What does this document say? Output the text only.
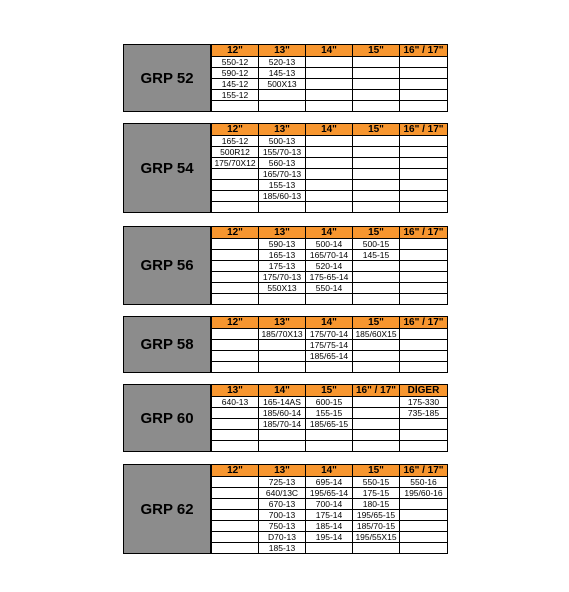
GRP 52
12"	13"	14"	15"	16" / 17"
550-12	520-13			
590-12	145-13			
145-12	500X13			
155-12				

GRP 54
12"	13"	14"	15"	16" / 17"
165-12	500-13			
500R12	155/70-13			
175/70X12	560-13			
	165/70-13			
	155-13			
	185/60-13			

GRP 56
12"	13"	14"	15"	16" / 17"
	590-13	500-14	500-15	
	165-13	165/70-14	145-15	
	175-13	520-14		
	175/70-13	175-65-14		
	550X13	550-14		

GRP 58
12"	13"	14"	15"	16" / 17"
	185/70X13	175/70-14	185/60X15	
		175/75-14		
		185/65-14		

GRP 60
13"	14"	15"	16" / 17"	DİGER
640-13	165-14AS	600-15		175-330
	185/60-14	155-15		735-185
	185/70-14	185/65-15		

GRP 62
12"	13"	14"	15"	16" / 17"
	725-13	695-14	550-15	550-16
	640/13C	195/65-14	175-15	195/60-16
	670-13	700-14	180-15	
	700-13	175-14	195/65-15	
	750-13	185-14	185/70-15	
	D70-13	195-14	195/55X15	
	185-13			
